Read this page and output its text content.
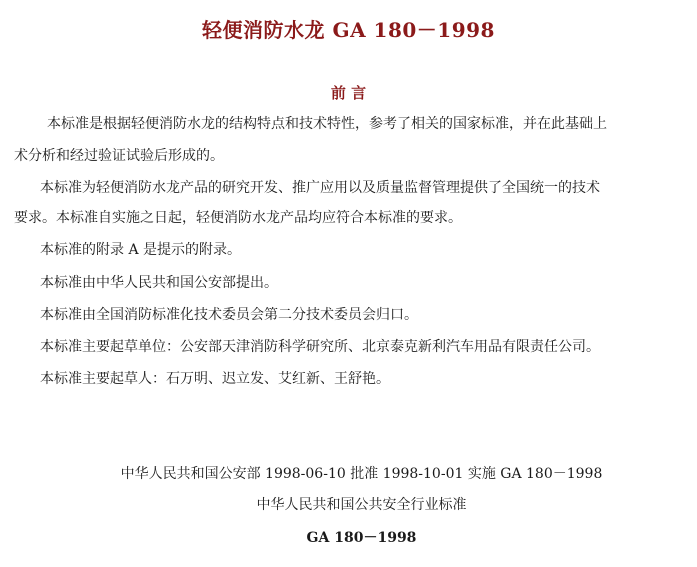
轻便消防水龙 GA 180－1998
前 言
本标准是根据轻便消防水龙的结构特点和技术特性，参考了相关的国家标准，并在此基础上
术分析和经过验证试验后形成的。
本标准为轻便消防水龙产品的研究开发、推广应用以及质量监督管理提供了全国统一的技术
要求。本标准自实施之日起，轻便消防水龙产品均应符合本标准的要求。
本标准的附录 A 是提示的附录。
本标准由中华人民共和国公安部提出。
本标准由全国消防标准化技术委员会第二分技术委员会归口。
本标准主要起草单位：公安部天津消防科学研究所、北京泰克新利汽车用品有限责任公司。
本标准主要起草人：石万明、迟立发、艾红新、王舒艳。
中华人民共和国公安部 1998-06-10 批准 1998-10-01 实施 GA 180－1998
中华人民共和国公共安全行业标准
GA 180－1998
